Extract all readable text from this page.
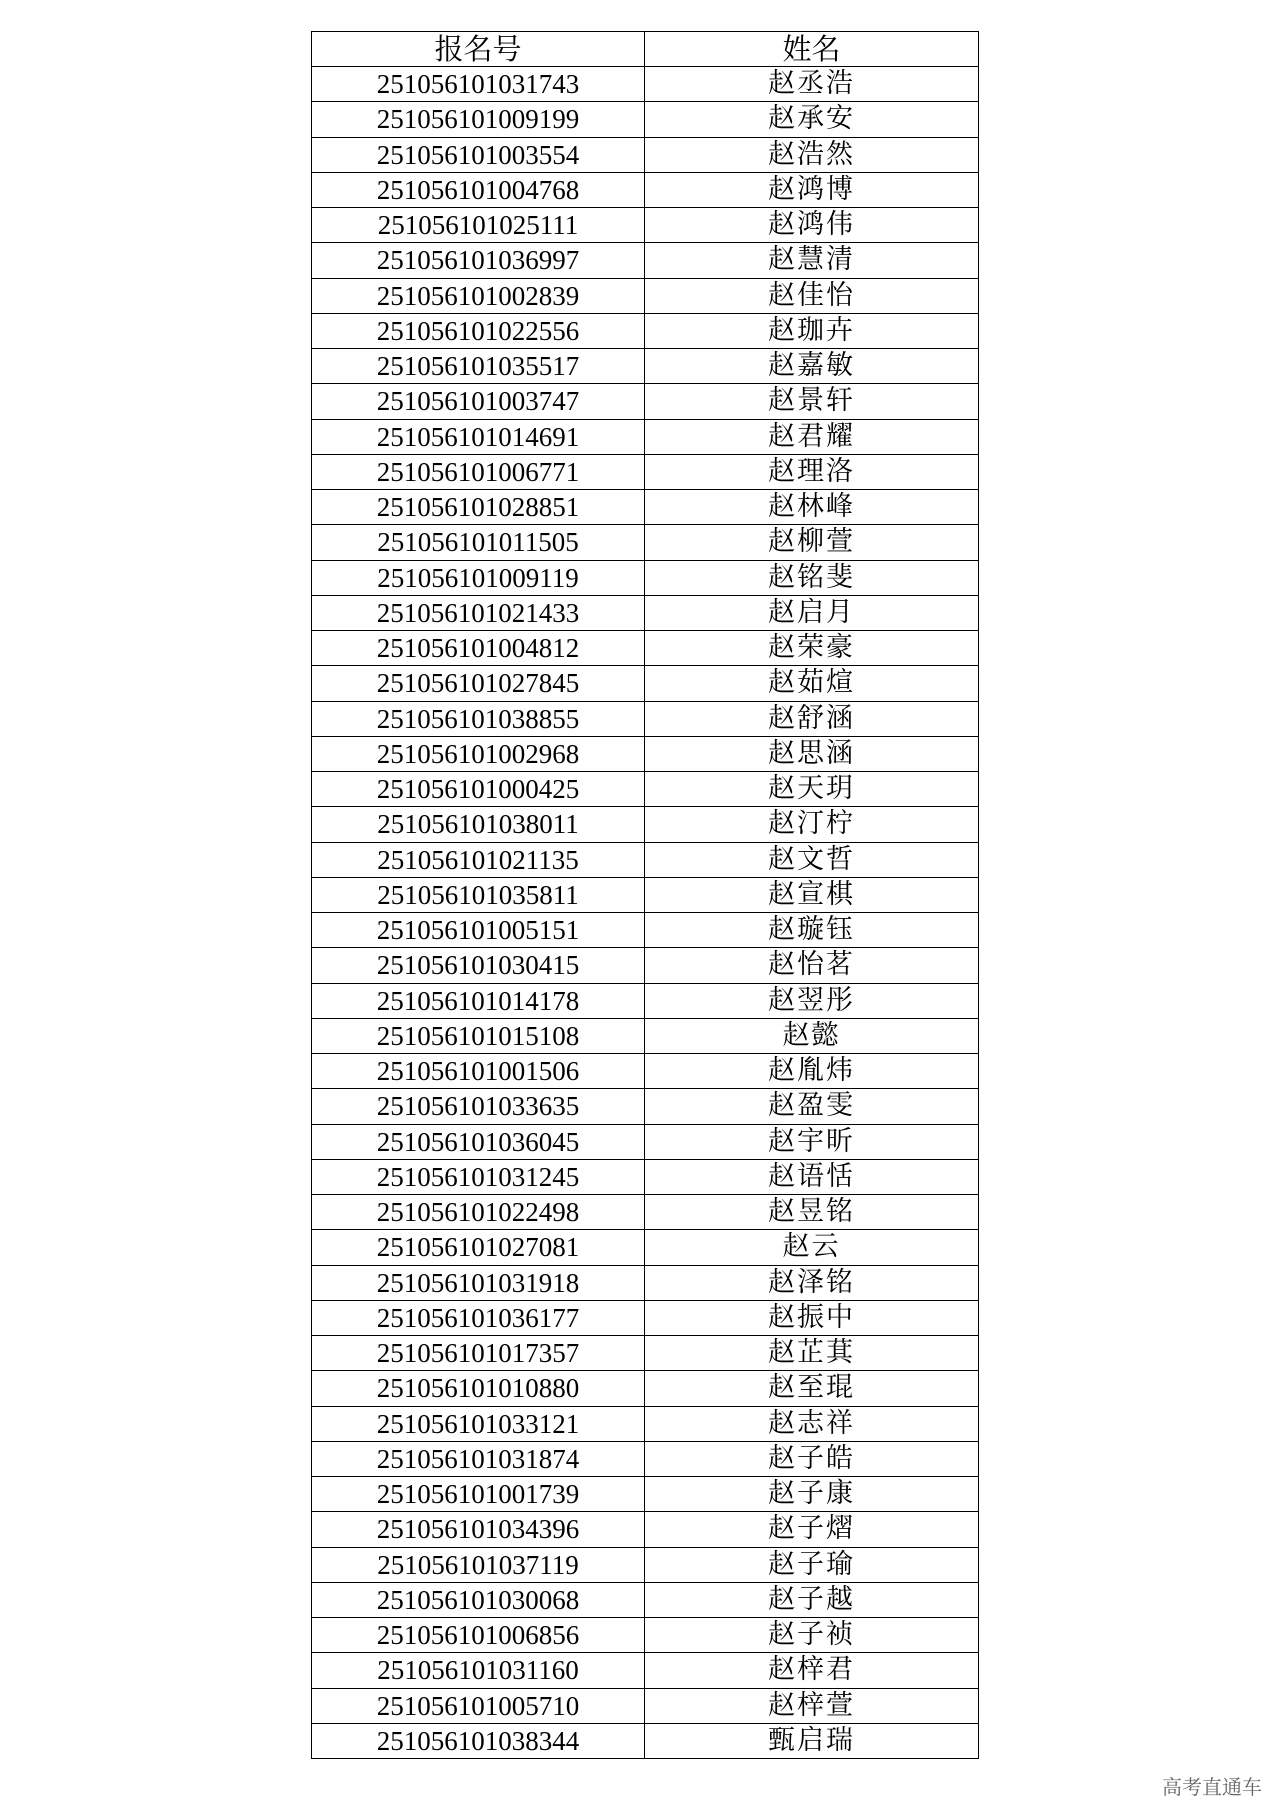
报名号	姓名
251056101031743	赵丞浩
251056101009199	赵承安
251056101003554	赵浩然
251056101004768	赵鸿博
251056101025111	赵鸿伟
251056101036997	赵慧清
251056101002839	赵佳怡
251056101022556	赵珈卉
251056101035517	赵嘉敏
251056101003747	赵景轩
251056101014691	赵君耀
251056101006771	赵理洛
251056101028851	赵林峰
251056101011505	赵柳萱
251056101009119	赵铭斐
251056101021433	赵启月
251056101004812	赵荣豪
251056101027845	赵茹煊
251056101038855	赵舒涵
251056101002968	赵思涵
251056101000425	赵天玥
251056101038011	赵汀柠
251056101021135	赵文哲
251056101035811	赵宣棋
251056101005151	赵璇钰
251056101030415	赵怡茗
251056101014178	赵翌彤
251056101015108	赵懿
251056101001506	赵胤炜
251056101033635	赵盈雯
251056101036045	赵宇昕
251056101031245	赵语恬
251056101022498	赵昱铭
251056101027081	赵云
251056101031918	赵泽铭
251056101036177	赵振中
251056101017357	赵芷萁
251056101010880	赵至琨
251056101033121	赵志祥
251056101031874	赵子皓
251056101001739	赵子康
251056101034396	赵子熠
251056101037119	赵子瑜
251056101030068	赵子越
251056101006856	赵子祯
251056101031160	赵梓君
251056101005710	赵梓萱
251056101038344	甄启瑞
高考直通车
